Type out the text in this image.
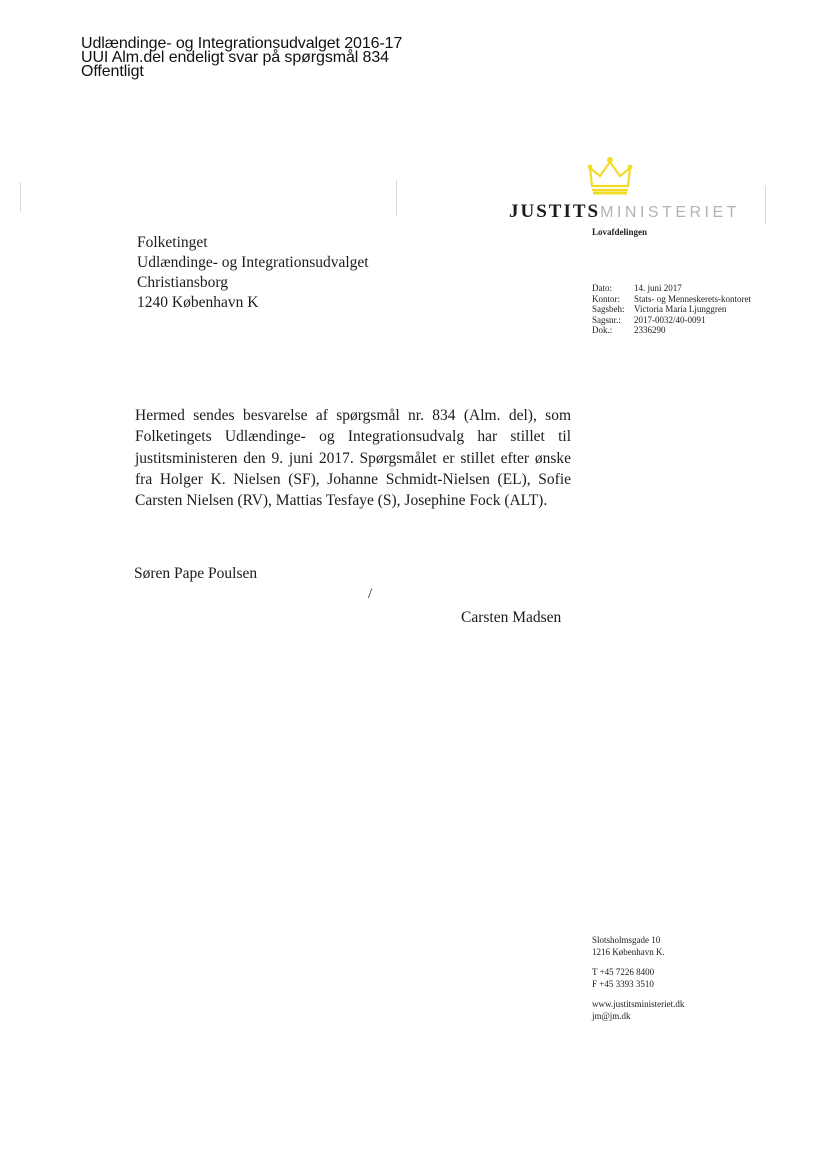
Udlændinge- og Integrationsudvalget 2016-17
UUI Alm.del endeligt svar på spørgsmål 834
Offentligt
JUSTITSMINISTERIET
Lovafdelingen
Folketinget
Udlændinge- og Integrationsudvalget
Christiansborg
1240 København K
Dato:	14. juni 2017
Kontor:	Stats- og Menneskerets-kontoret
Sagsbeh:	Victoria Maria Ljunggren
Sagsnr.:	2017-0032/40-0091
Dok.:	2336290
Hermed sendes besvarelse af spørgsmål nr. 834 (Alm. del), som Folketingets Udlændinge- og Integrationsudvalg har stillet til justitsministeren den 9. juni 2017. Spørgsmålet er stillet efter ønske fra Holger K. Nielsen (SF), Johanne Schmidt-Nielsen (EL), Sofie Carsten Nielsen (RV), Mattias Tesfaye (S), Josephine Fock (ALT).
Søren Pape Poulsen
/
Carsten Madsen
Slotsholmsgade 10
1216 København K.
T +45 7226 8400
F +45 3393 3510
www.justitsministeriet.dk
jm@jm.dk
